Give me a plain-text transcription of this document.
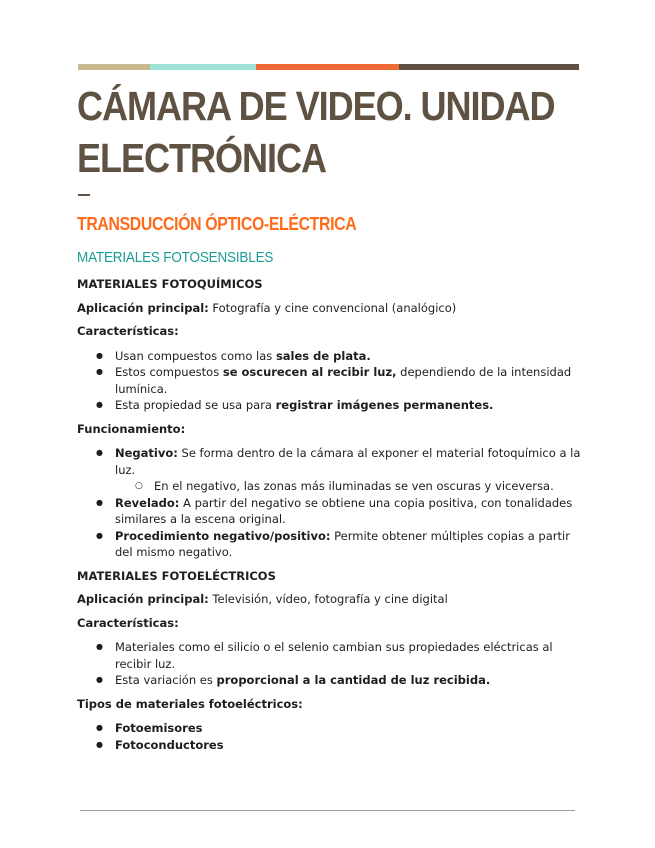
CÁMARA DE VIDEO. UNIDAD
ELECTRÓNICA
TRANSDUCCIÓN ÓPTICO-ELÉCTRICA
MATERIALES FOTOSENSIBLES

MATERIALES FOTOQUÍMICOS

Aplicación principal: Fotografía y cine convencional (analógico)

Características:

● Usan compuestos como las sales de plata.
● Estos compuestos se oscurecen al recibir luz, dependiendo de la intensidad lumínica.
● Esta propiedad se usa para registrar imágenes permanentes.

Funcionamiento:

● Negativo: Se forma dentro de la cámara al exponer el material fotoquímico a la luz.
○ En el negativo, las zonas más iluminadas se ven oscuras y viceversa.
● Revelado: A partir del negativo se obtiene una copia positiva, con tonalidades similares a la escena original.
● Procedimiento negativo/positivo: Permite obtener múltiples copias a partir del mismo negativo.

MATERIALES FOTOELÉCTRICOS

Aplicación principal: Televisión, vídeo, fotografía y cine digital

Características:

● Materiales como el silicio o el selenio cambian sus propiedades eléctricas al recibir luz.
● Esta variación es proporcional a la cantidad de luz recibida.

Tipos de materiales fotoeléctricos:

● Fotoemisores
● Fotoconductores
